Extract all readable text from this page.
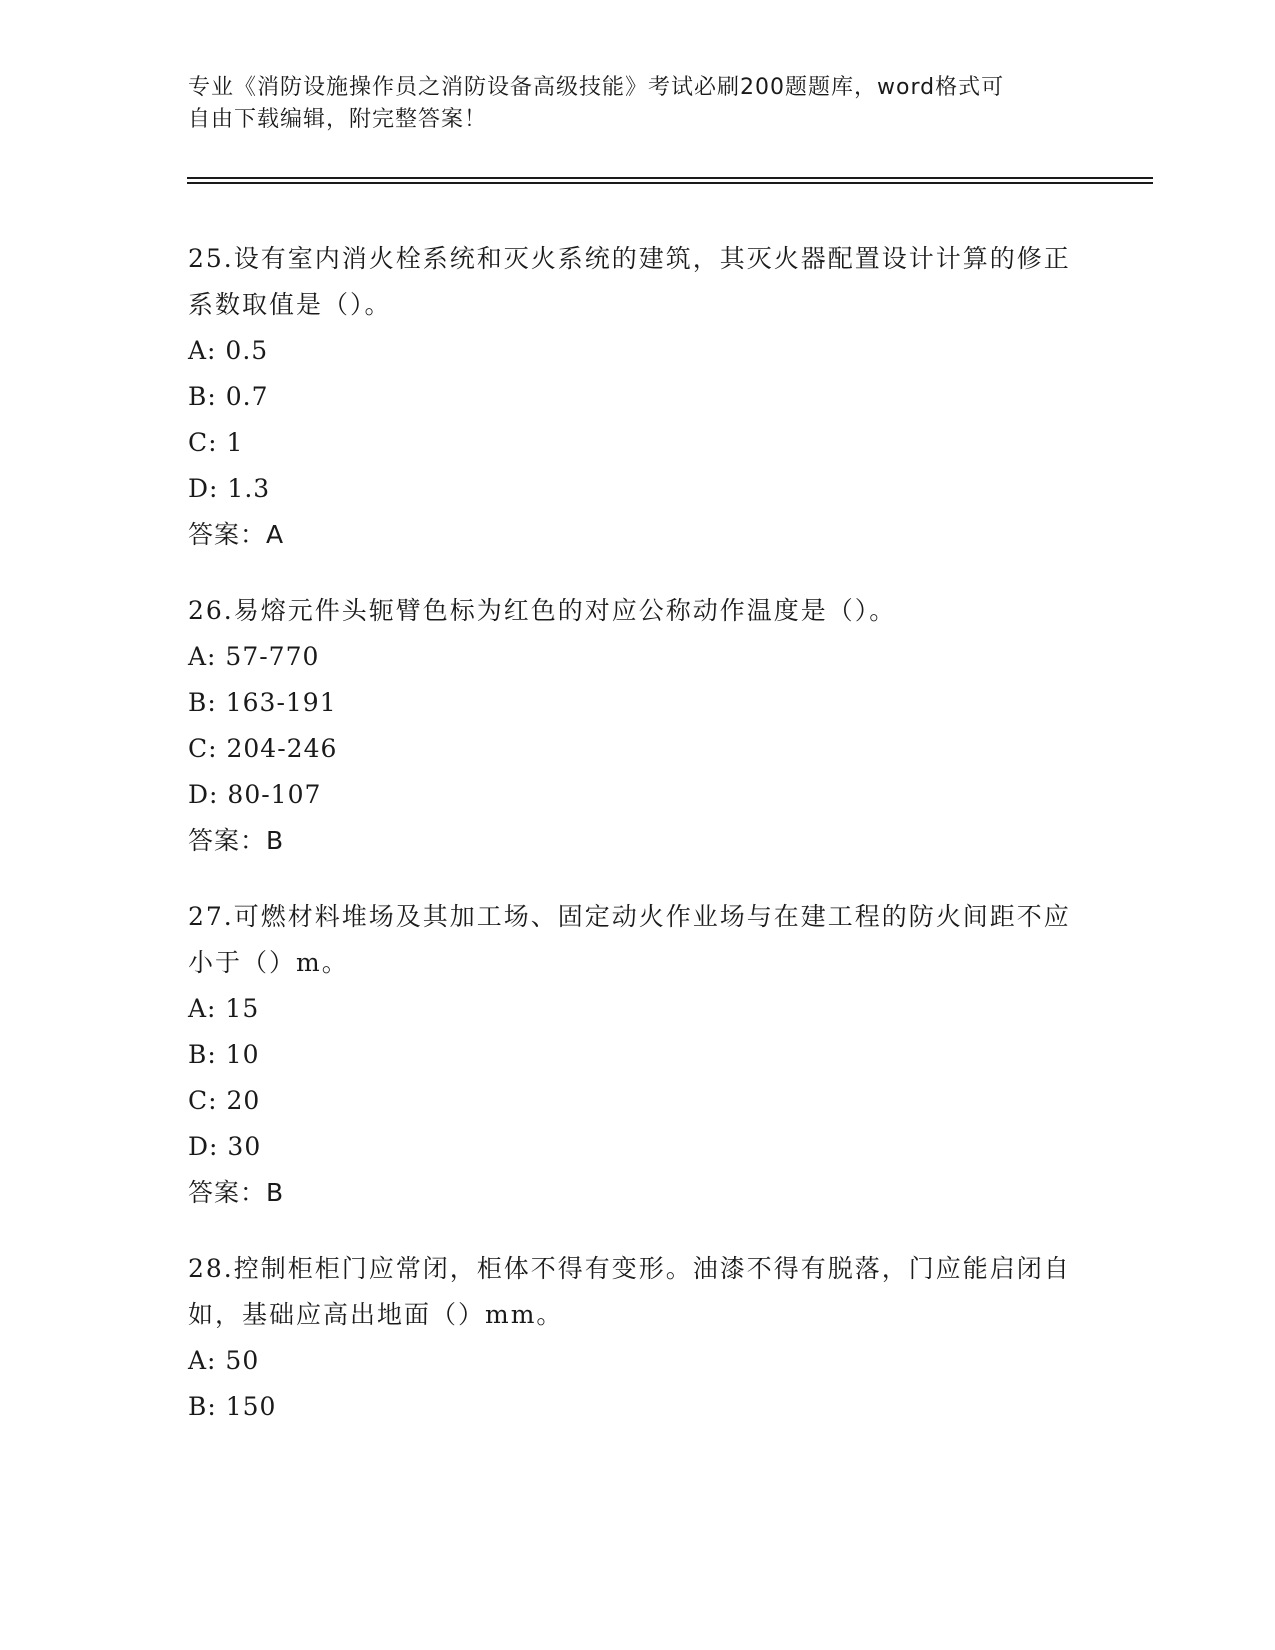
专业《消防设施操作员之消防设备高级技能》考试必刷200题题库，word格式可
自由下载编辑，附完整答案！
25.设有室内消火栓系统和灭火系统的建筑，其灭火器配置设计计算的修正系数取值是（）。
A: 0.5
B: 0.7
C: 1
D: 1.3
答案：A
26.易熔元件头轭臂色标为红色的对应公称动作温度是（）。
A: 57-770
B: 163-191
C: 204-246
D: 80-107
答案：B
27.可燃材料堆场及其加工场、固定动火作业场与在建工程的防火间距不应小于（）m。
A: 15
B: 10
C: 20
D: 30
答案：B
28.控制柜柜门应常闭，柜体不得有变形。油漆不得有脱落，门应能启闭自如，基础应高出地面（）mm。
A: 50
B: 150
